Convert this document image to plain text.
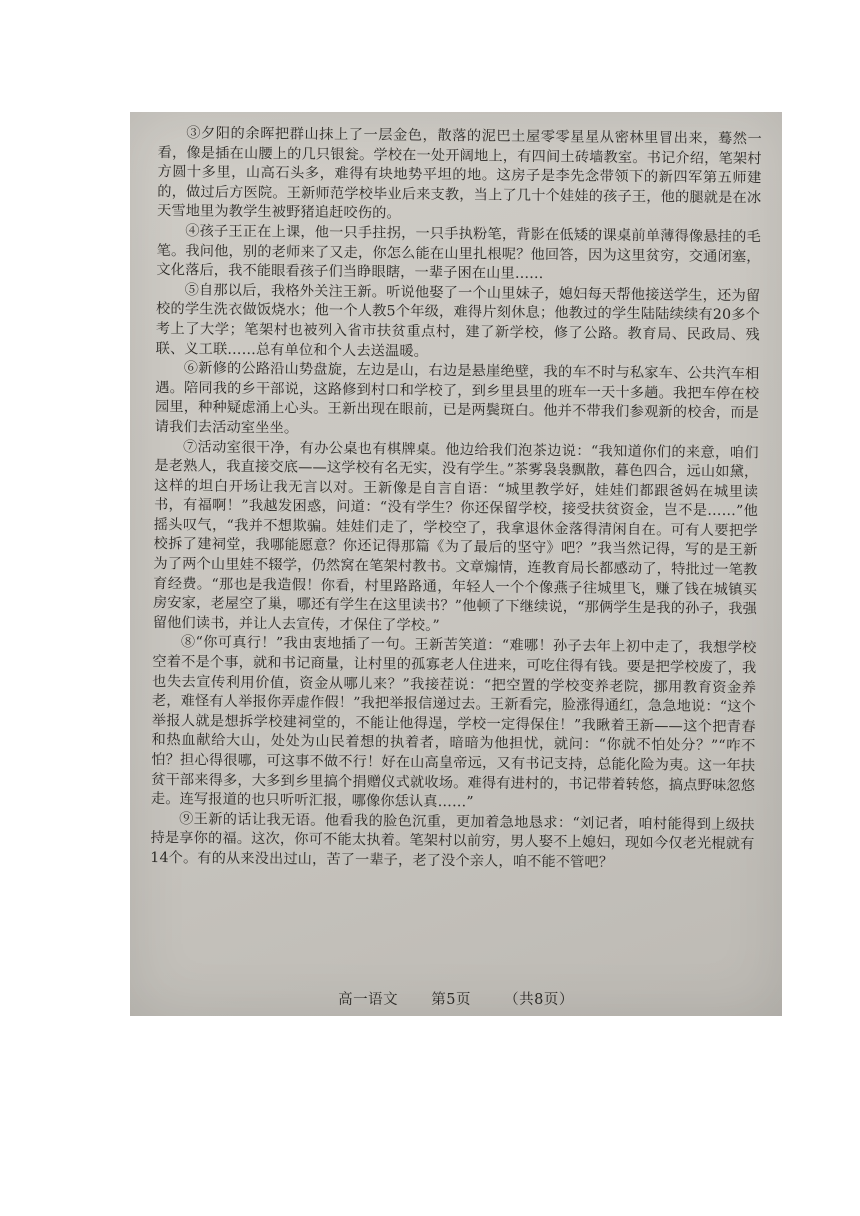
③夕阳的余晖把群山抹上了一层金色，散落的泥巴土屋零零星星从密林里冒出来，蓦然一看，像是插在山腰上的几只银瓮。学校在一处开阔地上，有四间土砖墙教室。书记介绍，笔架村方圆十多里，山高石头多，难得有块地势平坦的地。这房子是李先念带领下的新四军第五师建的，做过后方医院。王新师范学校毕业后来支教，当上了几十个娃娃的孩子王，他的腿就是在冰天雪地里为教学生被野猪追赶咬伤的。

④孩子王正在上课，他一只手拄拐，一只手执粉笔，背影在低矮的课桌前单薄得像悬挂的毛笔。我问他，别的老师来了又走，你怎么能在山里扎根呢？他回答，因为这里贫穷，交通闭塞，文化落后，我不能眼看孩子们当睁眼瞎，一辈子困在山里……

⑤自那以后，我格外关注王新。听说他娶了一个山里妹子，媳妇每天帮他接送学生，还为留校的学生洗衣做饭烧水；他一个人教5个年级，难得片刻休息；他教过的学生陆陆续续有20多个考上了大学；笔架村也被列入省市扶贫重点村，建了新学校，修了公路。教育局、民政局、残联、义工联……总有单位和个人去送温暖。

⑥新修的公路沿山势盘旋，左边是山，右边是悬崖绝壁，我的车不时与私家车、公共汽车相遇。陪同我的乡干部说，这路修到村口和学校了，到乡里县里的班车一天十多趟。我把车停在校园里，种种疑虑涌上心头。王新出现在眼前，已是两鬓斑白。他并不带我们参观新的校舍，而是请我们去活动室坐坐。

⑦活动室很干净，有办公桌也有棋牌桌。他边给我们泡茶边说：“我知道你们的来意，咱们是老熟人，我直接交底——这学校有名无实，没有学生。”茶雾袅袅飘散，暮色四合，远山如黛，这样的坦白开场让我无言以对。王新像是自言自语：“城里教学好，娃娃们都跟爸妈在城里读书，有福啊！”我越发困惑，问道：“没有学生？你还保留学校，接受扶贫资金，岂不是……”他摇头叹气，“我并不想欺骗。娃娃们走了，学校空了，我拿退休金落得清闲自在。可有人要把学校拆了建祠堂，我哪能愿意？你还记得那篇《为了最后的坚守》吧？”我当然记得，写的是王新为了两个山里娃不辍学，仍然窝在笔架村教书。文章煽情，连教育局长都感动了，特批过一笔教育经费。“那也是我造假！你看，村里路路通，年轻人一个个像燕子往城里飞，赚了钱在城镇买房安家，老屋空了巢，哪还有学生在这里读书？”他顿了下继续说，“那俩学生是我的孙子，我强留他们读书，并让人去宣传，才保住了学校。”

⑧“你可真行！”我由衷地插了一句。王新苦笑道：“难哪！孙子去年上初中走了，我想学校空着不是个事，就和书记商量，让村里的孤寡老人住进来，可吃住得有钱。要是把学校废了，我也失去宣传利用价值，资金从哪儿来？”我接茬说：“把空置的学校变养老院，挪用教育资金养老，难怪有人举报你弄虚作假！”我把举报信递过去。王新看完，脸涨得通红，急急地说：“这个举报人就是想拆学校建祠堂的，不能让他得逞，学校一定得保住！”我瞅着王新——这个把青春和热血献给大山，处处为山民着想的执着者，暗暗为他担忧，就问：“你就不怕处分？”“咋不怕？担心得很哪，可这事不做不行！好在山高皇帝远，又有书记支持，总能化险为夷。这一年扶贫干部来得多，大多到乡里搞个捐赠仪式就收场。难得有进村的，书记带着转悠，搞点野味忽悠走。连写报道的也只听听汇报，哪像你恁认真……”

⑨王新的话让我无语。他看我的脸色沉重，更加着急地恳求：“刘记者，咱村能得到上级扶持是享你的福。这次，你可不能太执着。笔架村以前穷，男人娶不上媳妇，现如今仅老光棍就有14个。有的从来没出过山，苦了一辈子，老了没个亲人，咱不能不管吧？

高一语文 第5页 （共8页）
